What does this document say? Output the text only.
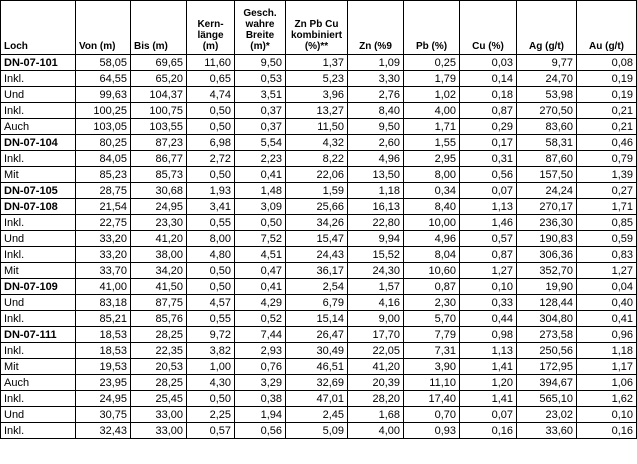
Loch	Von (m)	Bis (m)	Kern-länge (m)	Gesch. wahre Breite (m)*	Zn Pb Cu kombiniert (%)**	Zn (%9	Pb (%)	Cu (%)	Ag (g/t)	Au (g/t)
DN-07-101	58,05	69,65	11,60	9,50	1,37	1,09	0,25	0,03	9,77	0,08
Inkl.	64,55	65,20	0,65	0,53	5,23	3,30	1,79	0,14	24,70	0,19
Und	99,63	104,37	4,74	3,51	3,96	2,76	1,02	0,18	53,98	0,19
Inkl.	100,25	100,75	0,50	0,37	13,27	8,40	4,00	0,87	270,50	0,21
Auch	103,05	103,55	0,50	0,37	11,50	9,50	1,71	0,29	83,60	0,21
DN-07-104	80,25	87,23	6,98	5,54	4,32	2,60	1,55	0,17	58,31	0,46
Inkl.	84,05	86,77	2,72	2,23	8,22	4,96	2,95	0,31	87,60	0,79
Mit	85,23	85,73	0,50	0,41	22,06	13,50	8,00	0,56	157,50	1,39
DN-07-105	28,75	30,68	1,93	1,48	1,59	1,18	0,34	0,07	24,24	0,27
DN-07-108	21,54	24,95	3,41	3,09	25,66	16,13	8,40	1,13	270,17	1,71
Inkl.	22,75	23,30	0,55	0,50	34,26	22,80	10,00	1,46	236,30	0,85
Und	33,20	41,20	8,00	7,52	15,47	9,94	4,96	0,57	190,83	0,59
Inkl.	33,20	38,00	4,80	4,51	24,43	15,52	8,04	0,87	306,36	0,83
Mit	33,70	34,20	0,50	0,47	36,17	24,30	10,60	1,27	352,70	1,27
DN-07-109	41,00	41,50	0,50	0,41	2,54	1,57	0,87	0,10	19,90	0,04
Und	83,18	87,75	4,57	4,29	6,79	4,16	2,30	0,33	128,44	0,40
Inkl.	85,21	85,76	0,55	0,52	15,14	9,00	5,70	0,44	304,80	0,41
DN-07-111	18,53	28,25	9,72	7,44	26,47	17,70	7,79	0,98	273,58	0,96
Inkl.	18,53	22,35	3,82	2,93	30,49	22,05	7,31	1,13	250,56	1,18
Mit	19,53	20,53	1,00	0,76	46,51	41,20	3,90	1,41	172,95	1,17
Auch	23,95	28,25	4,30	3,29	32,69	20,39	11,10	1,20	394,67	1,06
Inkl.	24,95	25,45	0,50	0,38	47,01	28,20	17,40	1,41	565,10	1,62
Und	30,75	33,00	2,25	1,94	2,45	1,68	0,70	0,07	23,02	0,10
Inkl.	32,43	33,00	0,57	0,56	5,09	4,00	0,93	0,16	33,60	0,16
